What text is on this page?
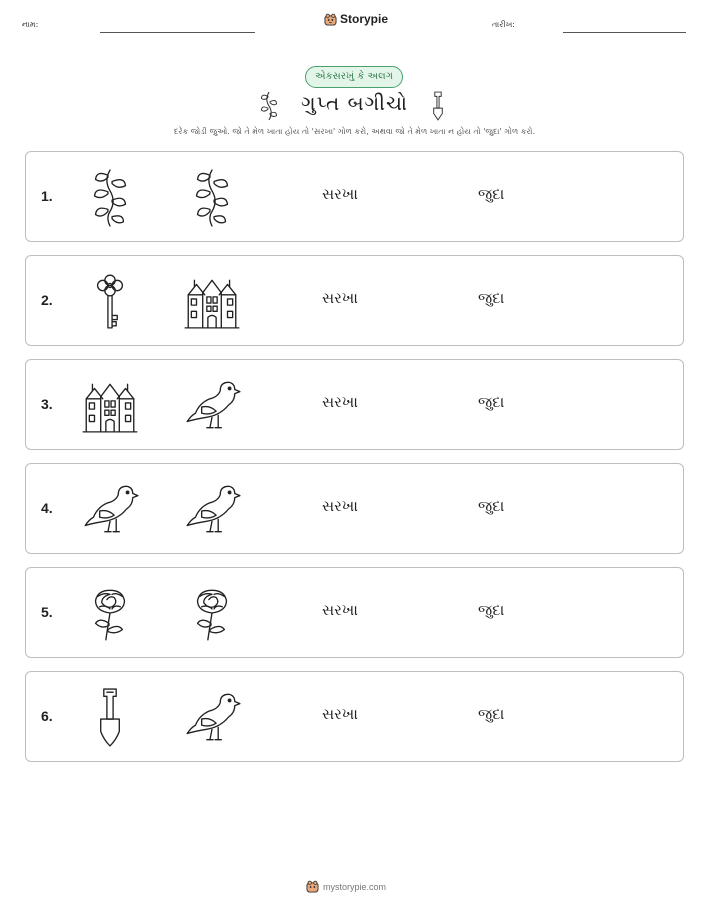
નામ:	Storypie	તારીખ:
એકસરખું કે અલગ
ગુપ્ત બગીચો
દરેક જોડી જુઓ. જો તે મેળ ખાતા હોય તો 'સરખા' ગોળ કરો, અથવા જો તે મેળ ખાતા ન હોય તો 'જુદા' ગોળ કરો.
1.	સરખા	જુદા
2.	સરખા	જુદા
3.	સરખા	જુદા
4.	સરખા	જુદા
5.	સરખા	જુદા
6.	સરખા	જુદા
mystorypie.com
